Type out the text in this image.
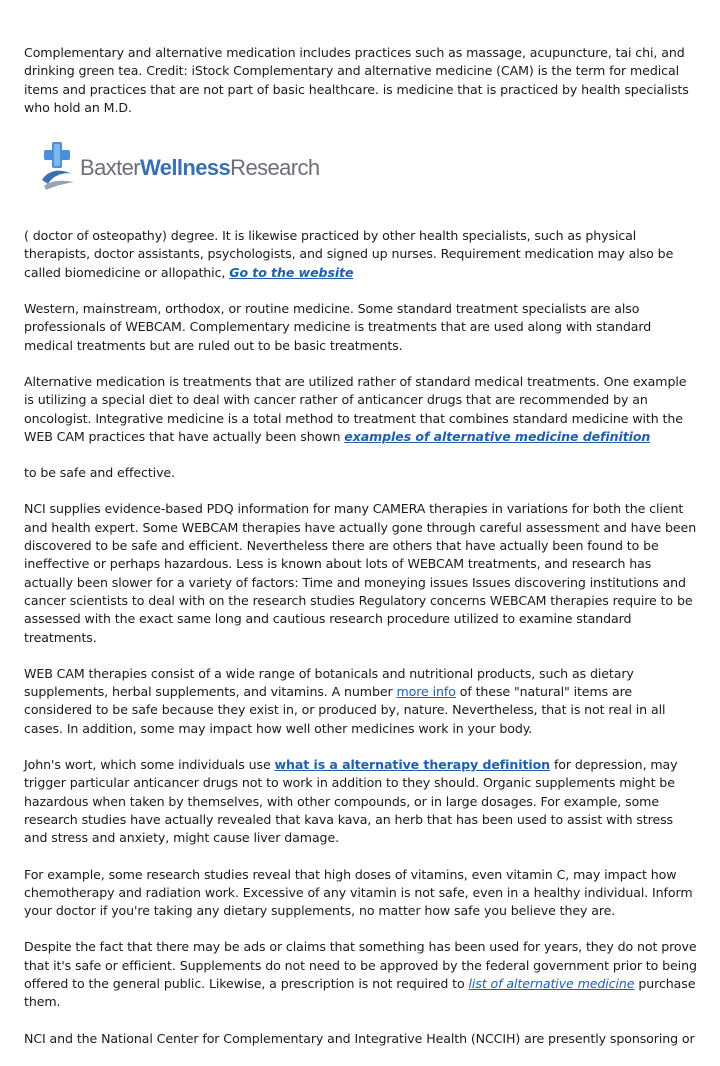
Complementary and alternative medication includes practices such as massage, acupuncture, tai chi, and drinking green tea. Credit: iStock Complementary and alternative medicine (CAM) is the term for medical items and practices that are not part of basic healthcare. is medicine that is practiced by health specialists who hold an M.D.

BaxterWellnessResearch

( doctor of osteopathy) degree. It is likewise practiced by other health specialists, such as physical therapists, doctor assistants, psychologists, and signed up nurses. Requirement medication may also be called biomedicine or allopathic, Go to the website

Western, mainstream, orthodox, or routine medicine. Some standard treatment specialists are also professionals of WEBCAM. Complementary medicine is treatments that are used along with standard medical treatments but are ruled out to be basic treatments.

Alternative medication is treatments that are utilized rather of standard medical treatments. One example is utilizing a special diet to deal with cancer rather of anticancer drugs that are recommended by an oncologist. Integrative medicine is a total method to treatment that combines standard medicine with the WEB CAM practices that have actually been shown examples of alternative medicine definition

to be safe and effective.

NCI supplies evidence-based PDQ information for many CAMERA therapies in variations for both the client and health expert. Some WEBCAM therapies have actually gone through careful assessment and have been discovered to be safe and efficient. Nevertheless there are others that have actually been found to be ineffective or perhaps hazardous. Less is known about lots of WEBCAM treatments, and research has actually been slower for a variety of factors: Time and moneying issues Issues discovering institutions and cancer scientists to deal with on the research studies Regulatory concerns WEBCAM therapies require to be assessed with the exact same long and cautious research procedure utilized to examine standard treatments.

WEB CAM therapies consist of a wide range of botanicals and nutritional products, such as dietary supplements, herbal supplements, and vitamins. A number more info of these "natural" items are considered to be safe because they exist in, or produced by, nature. Nevertheless, that is not real in all cases. In addition, some may impact how well other medicines work in your body.

John's wort, which some individuals use what is a alternative therapy definition for depression, may trigger particular anticancer drugs not to work in addition to they should. Organic supplements might be hazardous when taken by themselves, with other compounds, or in large dosages. For example, some research studies have actually revealed that kava kava, an herb that has been used to assist with stress and stress and anxiety, might cause liver damage.

For example, some research studies reveal that high doses of vitamins, even vitamin C, may impact how chemotherapy and radiation work. Excessive of any vitamin is not safe, even in a healthy individual. Inform your doctor if you're taking any dietary supplements, no matter how safe you believe they are.

Despite the fact that there may be ads or claims that something has been used for years, they do not prove that it's safe or efficient. Supplements do not need to be approved by the federal government prior to being offered to the general public. Likewise, a prescription is not required to list of alternative medicine purchase them.

NCI and the National Center for Complementary and Integrative Health (NCCIH) are presently sponsoring or
